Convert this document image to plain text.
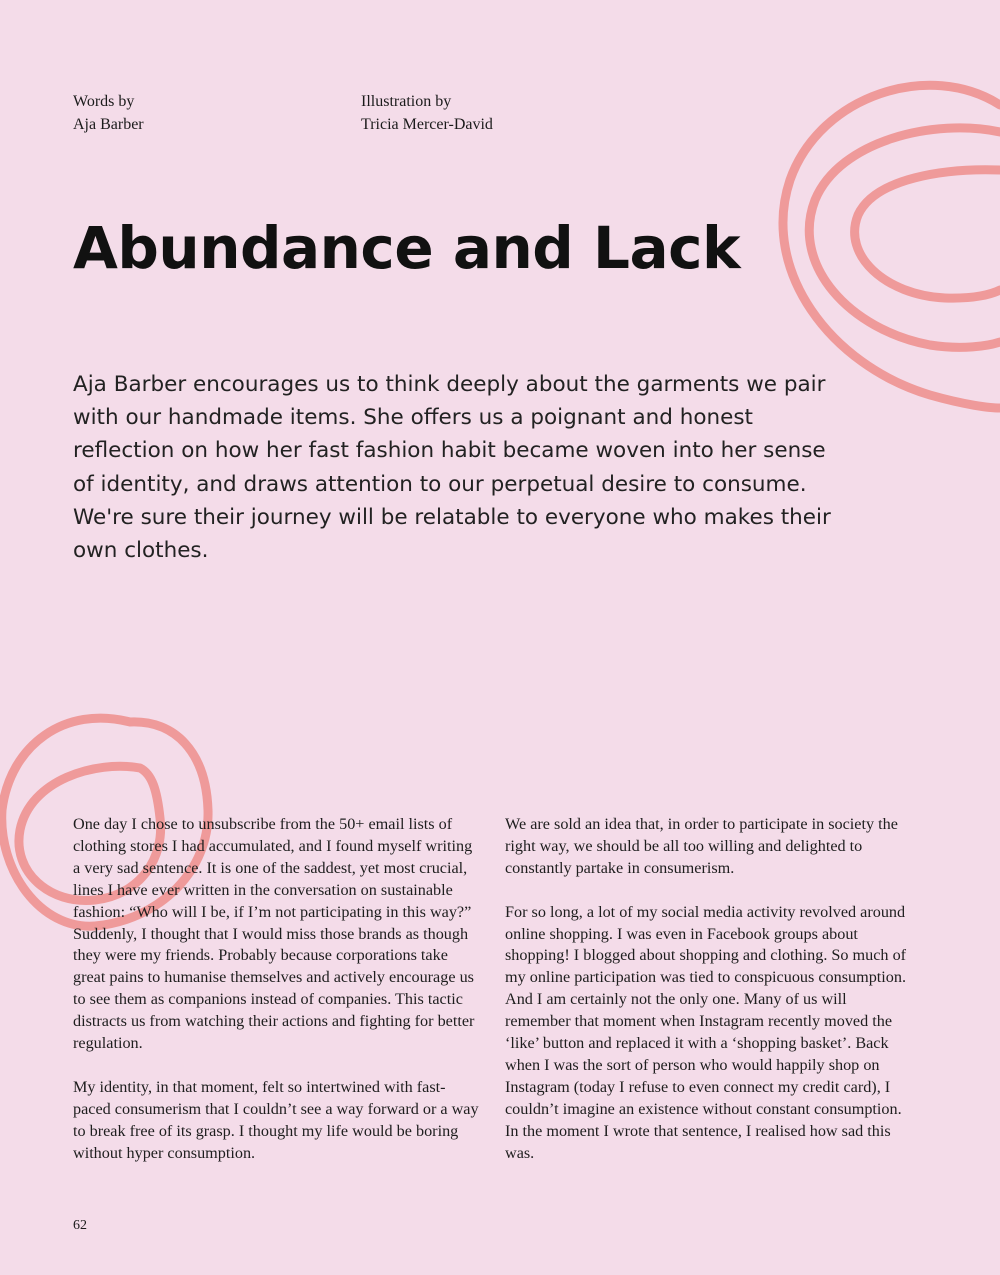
Words by
Aja Barber
Illustration by
Tricia Mercer-David
Abundance and Lack

Aja Barber encourages us to think deeply about the garments we pair with our handmade items. She offers us a poignant and honest reflection on how her fast fashion habit became woven into her sense of identity, and draws attention to our perpetual desire to consume. We're sure their journey will be relatable to everyone who makes their own clothes.

One day I chose to unsubscribe from the 50+ email lists of clothing stores I had accumulated, and I found myself writing a very sad sentence. It is one of the saddest, yet most crucial, lines I have ever written in the conversation on sustainable fashion: “Who will I be, if I’m not participating in this way?” Suddenly, I thought that I would miss those brands as though they were my friends. Probably because corporations take great pains to humanise themselves and actively encourage us to see them as companions instead of companies. This tactic distracts us from watching their actions and fighting for better regulation.

My identity, in that moment, felt so intertwined with fast-paced consumerism that I couldn’t see a way forward or a way to break free of its grasp. I thought my life would be boring without hyper consumption.

We are sold an idea that, in order to participate in society the right way, we should be all too willing and delighted to constantly partake in consumerism.

For so long, a lot of my social media activity revolved around online shopping. I was even in Facebook groups about shopping! I blogged about shopping and clothing. So much of my online participation was tied to conspicuous consumption. And I am certainly not the only one. Many of us will remember that moment when Instagram recently moved the ‘like’ button and replaced it with a ‘shopping basket’. Back when I was the sort of person who would happily shop on Instagram (today I refuse to even connect my credit card), I couldn’t imagine an existence without constant consumption. In the moment I wrote that sentence, I realised how sad this was.

62
